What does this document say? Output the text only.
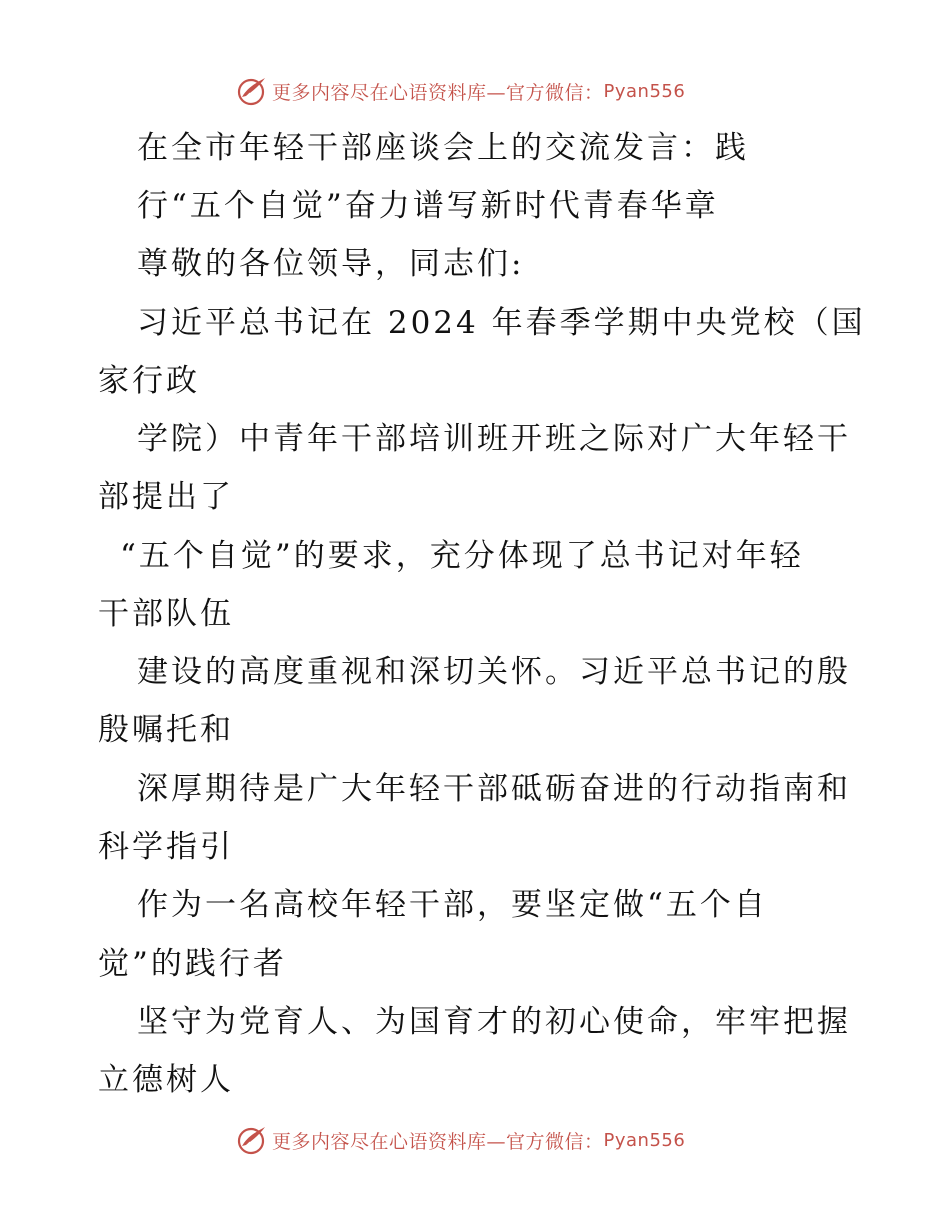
更多内容尽在心语资料库—官方微信： Pyan556
在全市年轻干部座谈会上的交流发言：践
行“五个自觉”奋力谱写新时代青春华章
尊敬的各位领导，同志们:
习近平总书记在 2024 年春季学期中央党校（国
家行政
学院）中青年干部培训班开班之际对广大年轻干
部提出了
“五个自觉”的要求，充分体现了总书记对年轻
干部队伍
建设的高度重视和深切关怀。习近平总书记的殷
殷嘱托和
深厚期待是广大年轻干部砥砺奋进的行动指南和
科学指引
作为一名高校年轻干部，要坚定做“五个自
觉”的践行者
坚守为党育人、为国育才的初心使命，牢牢把握
立德树人
更多内容尽在心语资料库—官方微信： Pyan556
